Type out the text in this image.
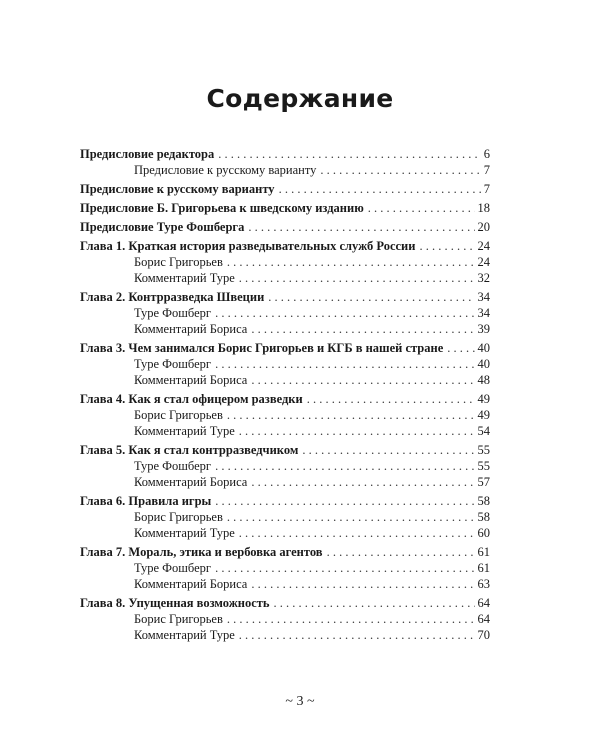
Содержание
Предисловие редактора . . .	6
Предисловие к русскому варианту . . .	7
Предисловие к русскому варианту . . .	7
Предисловие Б. Григорьева к шведскому изданию . . .	18
Предисловие Туре Фошберга . . .	20
Глава 1. Краткая история разведывательных служб России . . .	24
Борис Григорьев . . .	24
Комментарий Туре . . .	32
Глава 2. Контрразведка Швеции . . .	34
Туре Фошберг . . .	34
Комментарий Бориса . . .	39
Глава 3. Чем занимался Борис Григорьев и КГБ в нашей стране . . .	40
Туре Фошберг . . .	40
Комментарий Бориса . . .	48
Глава 4. Как я стал офицером разведки . . .	49
Борис Григорьев . . .	49
Комментарий Туре . . .	54
Глава 5. Как я стал контрразведчиком . . .	55
Туре Фошберг . . .	55
Комментарий Бориса . . .	57
Глава 6. Правила игры . . .	58
Борис Григорьев . . .	58
Комментарий Туре . . .	60
Глава 7. Мораль, этика и вербовка агентов . . .	61
Туре Фошберг . . .	61
Комментарий Бориса . . .	63
Глава 8. Упущенная возможность . . .	64
Борис Григорьев . . .	64
Комментарий Туре . . .	70
~ 3 ~
